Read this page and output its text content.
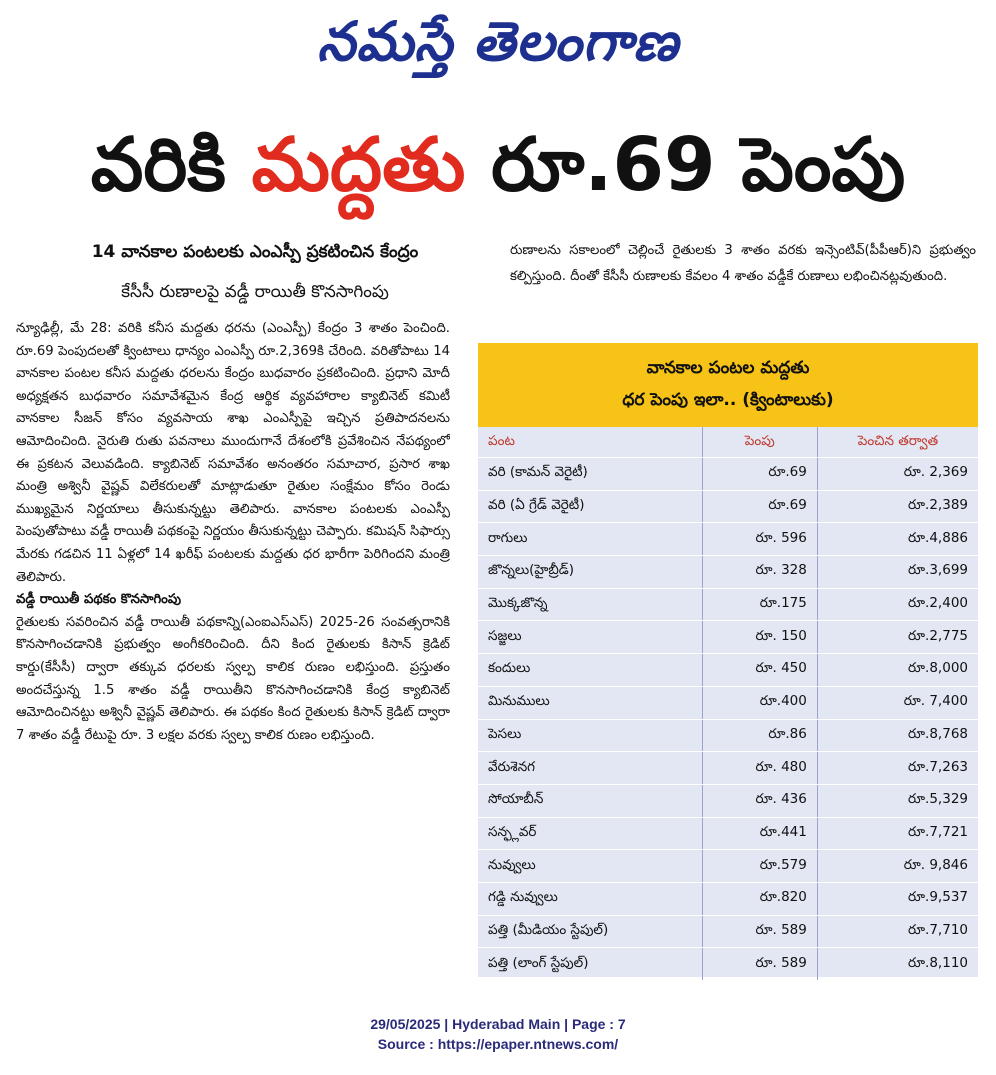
నమస్తే తెలంగాణ
వరికి మద్దతు రూ.69 పెంపు
14 వానకాల పంటలకు ఎంఎస్పీ ప్రకటించిన కేంద్రం
కేసీసీ రుణాలపై వడ్డీ రాయితీ కొనసాగింపు

న్యూఢిల్లీ, మే 28: వరికి కనీస మద్దతు ధరను (ఎంఎస్పీ) కేంద్రం 3 శాతం పెంచింది. రూ.69 పెంపుదలతో క్వింటాలు ధాన్యం ఎంఎస్పీ రూ.2,369కి చేరింది. వరితోపాటు 14 వానకాల పంటల కనీస మద్దతు ధరలను కేంద్రం బుధవారం ప్రకటించింది. ప్రధాని మోదీ అధ్యక్షతన బుధవారం సమావేశమైన కేంద్ర ఆర్థిక వ్యవహారాల క్యాబినెట్ కమిటీ వానకాల సీజన్ కోసం వ్యవసాయ శాఖ ఎంఎస్పీపై ఇచ్చిన ప్రతిపాదనలను ఆమోదించింది. నైరుతి రుతు పవనాలు ముందుగానే దేశంలోకి ప్రవేశించిన నేపథ్యంలో ఈ ప్రకటన వెలువడింది. క్యాబినెట్ సమావేశం అనంతరం సమాచార, ప్రసార శాఖ మంత్రి అశ్వినీ వైష్ణవ్ విలేకరులతో మాట్లాడుతూ రైతుల సంక్షేమం కోసం రెండు ముఖ్యమైన నిర్ణయాలు తీసుకున్నట్టు తెలిపారు. వానకాల పంటలకు ఎంఎస్పీ పెంపుతోపాటు వడ్డీ రాయితీ పథకంపై నిర్ణయం తీసుకున్నట్టు చెప్పారు. కమిషన్ సిఫార్సు మేరకు గడచిన 11 ఏళ్లలో 14 ఖరీఫ్ పంటలకు మద్దతు ధర భారీగా పెరిగిందని మంత్రి తెలిపారు.

వడ్డీ రాయితీ పథకం కొనసాగింపు

రైతులకు సవరించిన వడ్డీ రాయితీ పథకాన్ని(ఎంఐఎస్ఎస్) 2025-26 సంవత్సరానికి కొనసాగించడానికి ప్రభుత్వం అంగీకరించింది. దీని కింద రైతులకు కిసాన్ క్రెడిట్ కార్డు(కేసీసీ) ద్వారా తక్కువ ధరలకు స్వల్ప కాలిక రుణం లభిస్తుంది. ప్రస్తుతం అందచేస్తున్న 1.5 శాతం వడ్డీ రాయితీని కొనసాగించడానికి కేంద్ర క్యాబినెట్ ఆమోదించినట్టు అశ్వినీ వైష్ణవ్ తెలిపారు. ఈ పథకం కింద రైతులకు కిసాన్ క్రెడిట్ ద్వారా 7 శాతం వడ్డీ రేటుపై రూ. 3 లక్షల వరకు స్వల్ప కాలిక రుణం లభిస్తుంది.

రుణాలను సకాలంలో చెల్లించే రైతులకు 3 శాతం వరకు ఇన్సెంటివ్(పీపీఆర్)ని ప్రభుత్వం కల్పిస్తుంది. దీంతో కేసీసీ రుణాలకు కేవలం 4 శాతం వడ్డీకే రుణాలు లభించినట్లవుతుంది.
వానకాల పంటల మద్దతు
ధర పెంపు ఇలా.. (క్వింటాలుకు)
పంట	పెంపు	పెంచిన తర్వాత
వరి (కామన్ వెరైటీ)	రూ.69	రూ. 2,369
వరి (ఏ గ్రేడ్ వెరైటీ)	రూ.69	రూ.2,389
రాగులు	రూ. 596	రూ.4,886
జొన్నలు(హైబ్రీడ్)	రూ. 328	రూ.3,699
మొక్కజొన్న	రూ.175	రూ.2,400
సజ్జలు	రూ. 150	రూ.2,775
కందులు	రూ. 450	రూ.8,000
మినుములు	రూ.400	రూ. 7,400
పెసలు	రూ.86	రూ.8,768
వేరుశెనగ	రూ. 480	రూ.7,263
సోయాబీన్	రూ. 436	రూ.5,329
సన్ఫ్లవర్	రూ.441	రూ.7,721
నువ్వులు	రూ.579	రూ. 9,846
గడ్డి నువ్వులు	రూ.820	రూ.9,537
పత్తి (మీడియం స్టేపుల్)	రూ. 589	రూ.7,710
పత్తి (లాంగ్ స్టేపుల్)	రూ. 589	రూ.8,110
29/05/2025 | Hyderabad Main | Page : 7
Source : https://epaper.ntnews.com/
